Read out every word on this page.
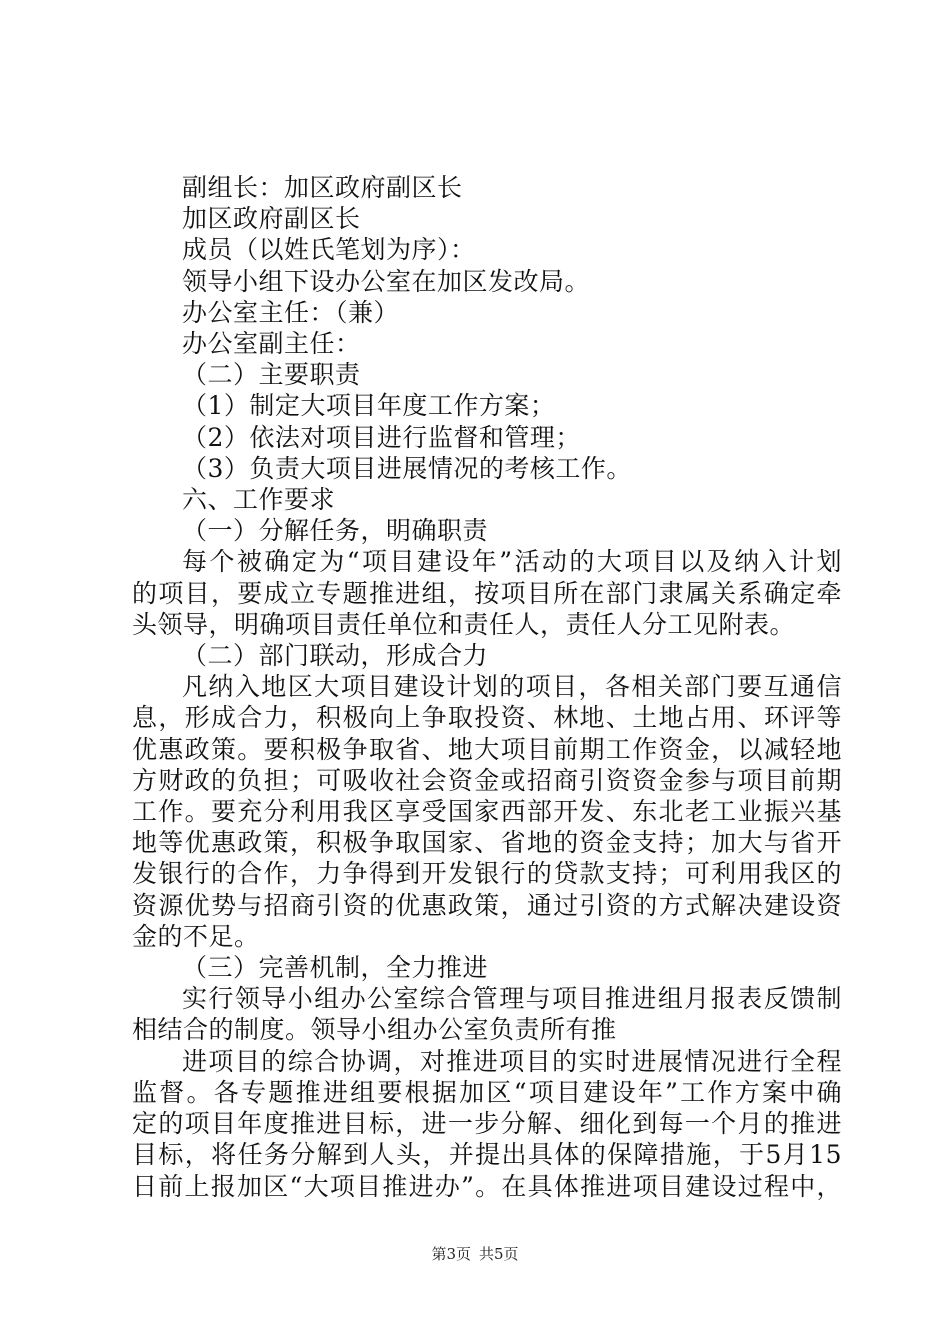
副组长：加区政府副区长
加区政府副区长
成员（以姓氏笔划为序）：
领导小组下设办公室在加区发改局。
办公室主任：（兼）
办公室副主任：
（二）主要职责
（1）制定大项目年度工作方案；
（2）依法对项目进行监督和管理；
（3）负责大项目进展情况的考核工作。
六、工作要求
（一）分解任务，明确职责
每个被确定为“项目建设年”活动的大项目以及纳入计划
的项目，要成立专题推进组，按项目所在部门隶属关系确定牵
头领导，明确项目责任单位和责任人，责任人分工见附表。
（二）部门联动，形成合力
凡纳入地区大项目建设计划的项目，各相关部门要互通信
息，形成合力，积极向上争取投资、林地、土地占用、环评等
优惠政策。要积极争取省、地大项目前期工作资金，以减轻地
方财政的负担；可吸收社会资金或招商引资资金参与项目前期
工作。要充分利用我区享受国家西部开发、东北老工业振兴基
地等优惠政策，积极争取国家、省地的资金支持；加大与省开
发银行的合作，力争得到开发银行的贷款支持；可利用我区的
资源优势与招商引资的优惠政策，通过引资的方式解决建设资
金的不足。
（三）完善机制，全力推进
实行领导小组办公室综合管理与项目推进组月报表反馈制
相结合的制度。领导小组办公室负责所有推
进项目的综合协调，对推进项目的实时进展情况进行全程
监督。各专题推进组要根据加区“项目建设年”工作方案中确
定的项目年度推进目标，进一步分解、细化到每一个月的推进
目标，将任务分解到人头，并提出具体的保障措施，于5月15
日前上报加区“大项目推进办”。在具体推进项目建设过程中，
第3页 共5页
